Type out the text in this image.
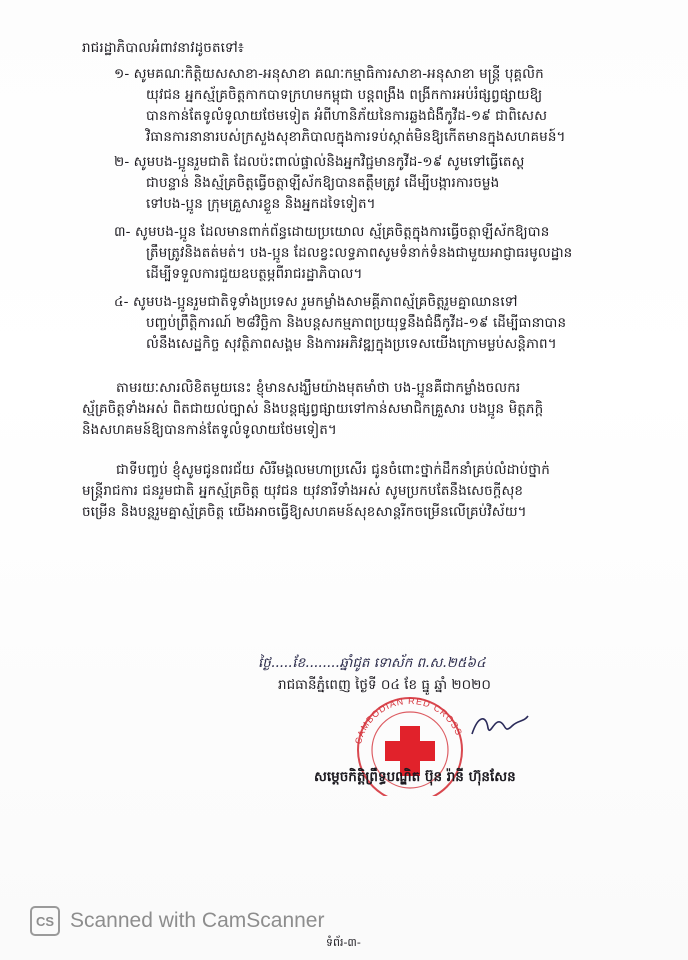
រាជរដ្ឋាភិបាលអំពាវនាវដូចតទៅ៖
១- សូមគណៈកិត្តិយសសាខា-អនុសាខា គណៈកម្មាធិការសាខា-អនុសាខា មន្ត្រី បុគ្គលិក
យុវជន អ្នកស្ម័គ្រចិត្តកាកបាទក្រហមកម្ពុជា បន្តពង្រឹង ពង្រីកការអប់រំផ្សព្វផ្សាយឱ្យ
បានកាន់តែទូលំទូលាយថែមទៀត អំពីហានិភ័យនៃការឆ្លងជំងឺកូវីដ-១៩ ជាពិសេស
វិធានការនានារបស់ក្រសួងសុខាភិបាលក្នុងការទប់ស្កាត់មិនឱ្យកើតមានក្នុងសហគមន៍។
២- សូមបង-ប្អូនរួមជាតិ ដែលប៉ះពាល់ផ្ទាល់និងអ្នកវិជ្ជមានកូវីដ-១៩ សូមទៅធ្វើតេស្ត
ជាបន្ទាន់ និងស្ម័គ្រចិត្តធ្វើចត្តាឡីស័កឱ្យបានតត្តឹមត្រូវ ដើម្បីបង្ការការចម្លង
ទៅបង-ប្អូន ក្រុមគ្រួសារខ្លួន និងអ្នកដទៃទៀត។
៣- សូមបង-ប្អូន ដែលមានពាក់ព័ន្ធដោយប្រយោល ស្ម័គ្រចិត្តក្នុងការធ្វើចត្តាឡីស័កឱ្យបាន
ត្រឹមត្រូវនិងតត់មត់។ បង-ប្អូន ដែលខ្វះលទ្ធភាពសូមទំនាក់ទំនងជាមួយអាជ្ញាធរមូលដ្ឋាន
ដើម្បីទទួលការជួយឧបត្ថម្ភពីរាជរដ្ឋាភិបាល។
៤- សូមបង-ប្អូនរួមជាតិទូទាំងប្រទេស រួមកម្លាំងសាមគ្គីភាពស្ម័គ្រចិត្តរួមគ្នាឈានទៅ
បញ្ចប់ព្រឹត្តិការណ៍ ២៨វិច្ឆិកា និងបន្តសកម្មភាពប្រយុទ្ធនឹងជំងឺកូវីដ-១៩ ដើម្បីធានាបាន
លំនឹងសេដ្ឋកិច្ច សុវត្ថិភាពសង្គម និងការអភិវឌ្ឍក្នុងប្រទេសយើងក្រោមម្លប់សន្តិភាព។
តាមរយៈសារលិខិតមួយនេះ ខ្ញុំមានសង្ឃឹមយ៉ាងមុតមាំថា បង-ប្អូនគឺជាកម្លាំងចលករ
ស្ម័គ្រចិត្តទាំងអស់ ពិតជាយល់ច្បាស់ និងបន្តផ្សព្វផ្សាយទៅកាន់សមាជិកគ្រួសារ បងប្អូន មិត្តភក្តិ
និងសហគមន៍ឱ្យបានកាន់តែទូលំទូលាយថែមទៀត។
ជាទីបញ្ចប់ ខ្ញុំសូមជូនពរជ័យ សិរីមង្គលមហាប្រសើរ ជូនចំពោះថ្នាក់ដឹកនាំគ្រប់លំដាប់ថ្នាក់
មន្ត្រីរាជការ ជនរួមជាតិ អ្នកស្ម័គ្រចិត្ត យុវជន យុវនារីទាំងអស់ សូមប្រកបតែនឹងសេចក្តីសុខ
ចម្រើន និងបន្តរួមគ្នាស្ម័គ្រចិត្ត យើងអាចធ្វើឱ្យសហគមន៍សុខសាន្តរីកចម្រើនលើគ្រប់វិស័យ។
ថ្ងៃ.....ខែ........ឆ្នាំជូត ទោស័ក ព.ស.២៥៦៤
រាជធានីភ្នំពេញ ថ្ងៃទី ០៤ ខែ ធ្នូ ឆ្នាំ ២០២០
CAMBODIAN RED CROSS
សម្តេចកិត្តិព្រឹទ្ធបណ្ឌិត ប៊ុន រ៉ានី ហ៊ុនសែន
CS Scanned with CamScanner
ទំព័រ-៣-
